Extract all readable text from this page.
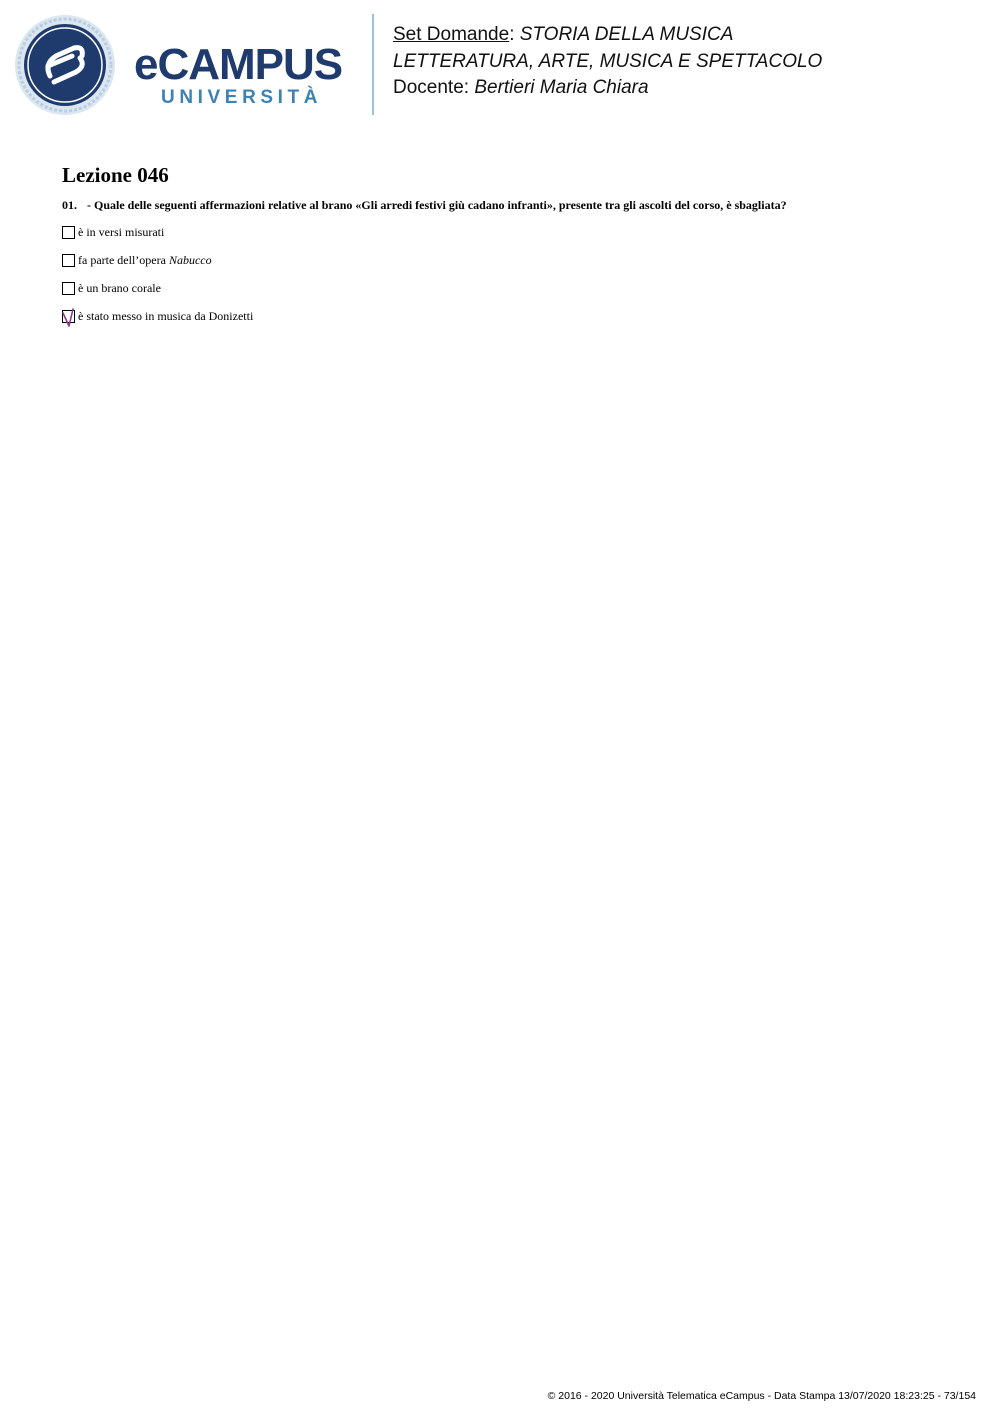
eCAMPUS
UNIVERSITÀ
Set Domande: STORIA DELLA MUSICA
LETTERATURA, ARTE, MUSICA E SPETTACOLO
Docente: Bertieri Maria Chiara
Lezione 046
01. - Quale delle seguenti affermazioni relative al brano «Gli arredi festivi giù cadano infranti», presente tra gli ascolti del corso, è sbagliata?
è in versi misurati
fa parte dell’opera Nabucco
è un brano corale
è stato messo in musica da Donizetti
© 2016 - 2020 Università Telematica eCampus - Data Stampa 13/07/2020 18:23:25 - 73/154
